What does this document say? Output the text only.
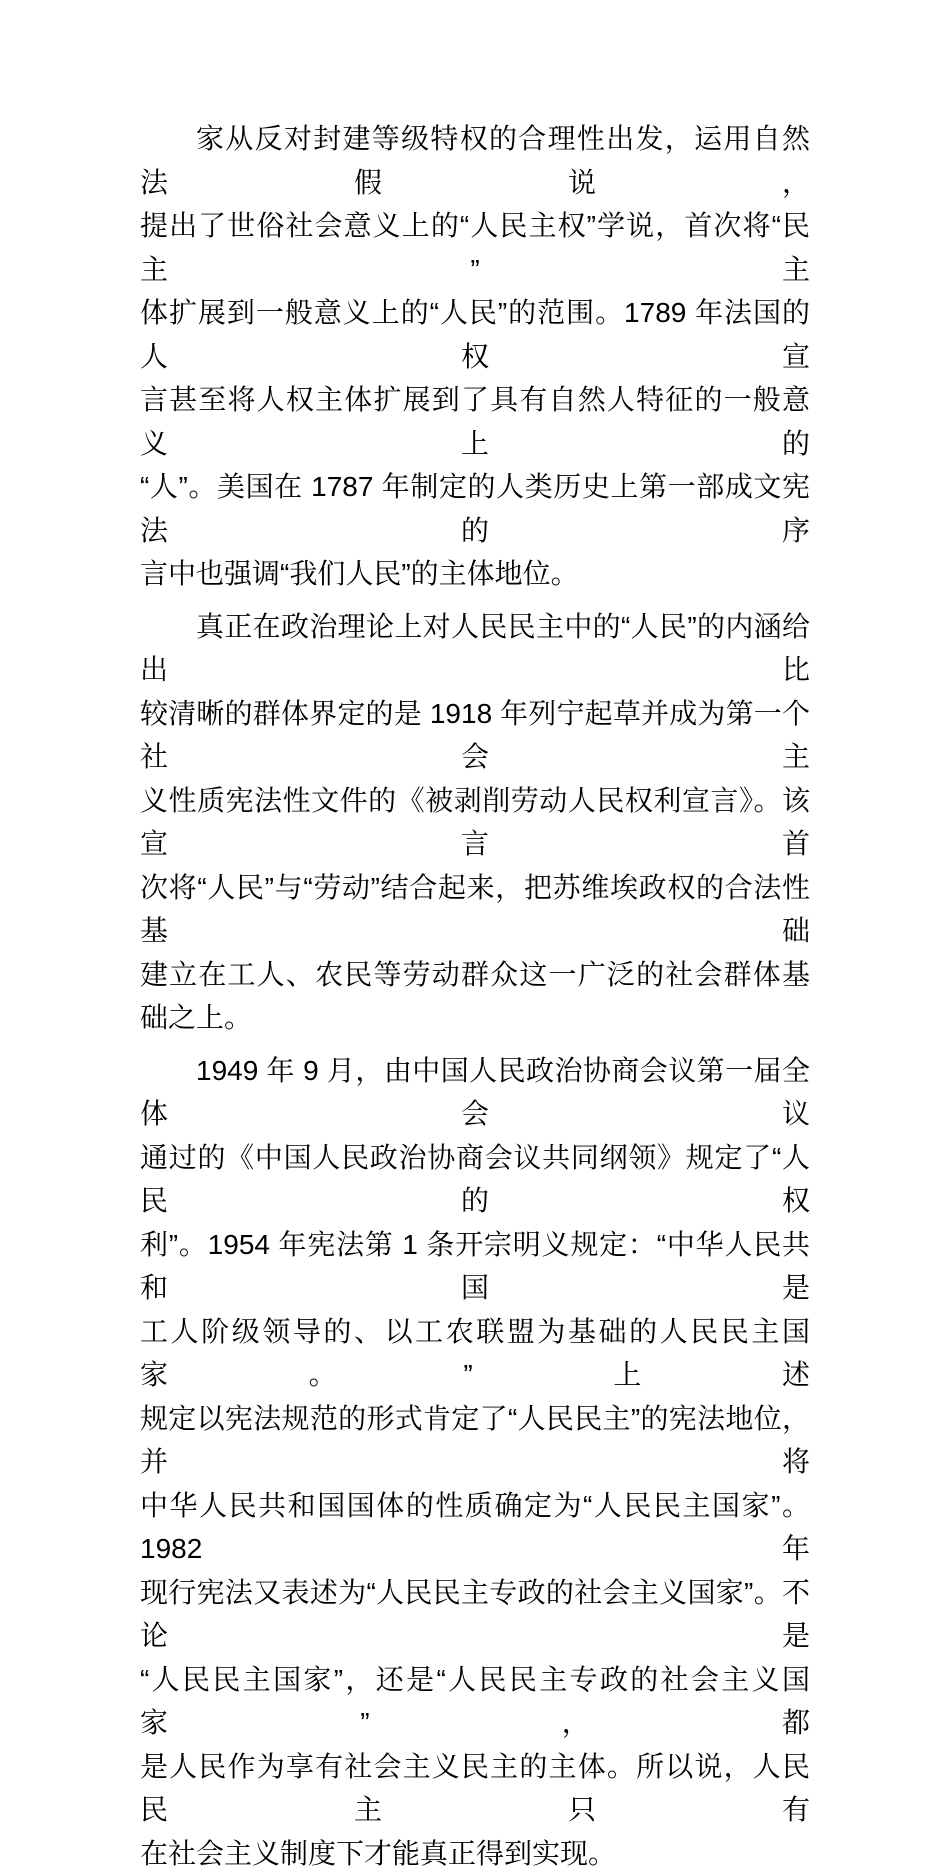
家从反对封建等级特权的合理性出发，运用自然法假说，
提出了世俗社会意义上的“人民主权”学说，首次将“民主”主
体扩展到一般意义上的“人民”的范围。1789 年法国的人权宣
言甚至将人权主体扩展到了具有自然人特征的一般意义上的
“人”。美国在 1787 年制定的人类历史上第一部成文宪法的序
言中也强调“我们人民”的主体地位。
真正在政治理论上对人民民主中的“人民”的内涵给出比
较清晰的群体界定的是 1918 年列宁起草并成为第一个社会主
义性质宪法性文件的《被剥削劳动人民权利宣言》。该宣言首
次将“人民”与“劳动”结合起来，把苏维埃政权的合法性基础
建立在工人、农民等劳动群众这一广泛的社会群体基础之上。
1949 年 9 月，由中国人民政治协商会议第一届全体会议
通过的《中国人民政治协商会议共同纲领》规定了“人民的权
利”。1954 年宪法第 1 条开宗明义规定：“中华人民共和国是
工人阶级领导的、以工农联盟为基础的人民民主国家。”上述
规定以宪法规范的形式肯定了“人民民主”的宪法地位，并将
中华人民共和国国体的性质确定为“人民民主国家”。1982 年
现行宪法又表述为“人民民主专政的社会主义国家”。不论是
“人民民主国家”，还是“人民民主专政的社会主义国家”，都
是人民作为享有社会主义民主的主体。所以说，人民民主只有
在社会主义制度下才能真正得到实现。
